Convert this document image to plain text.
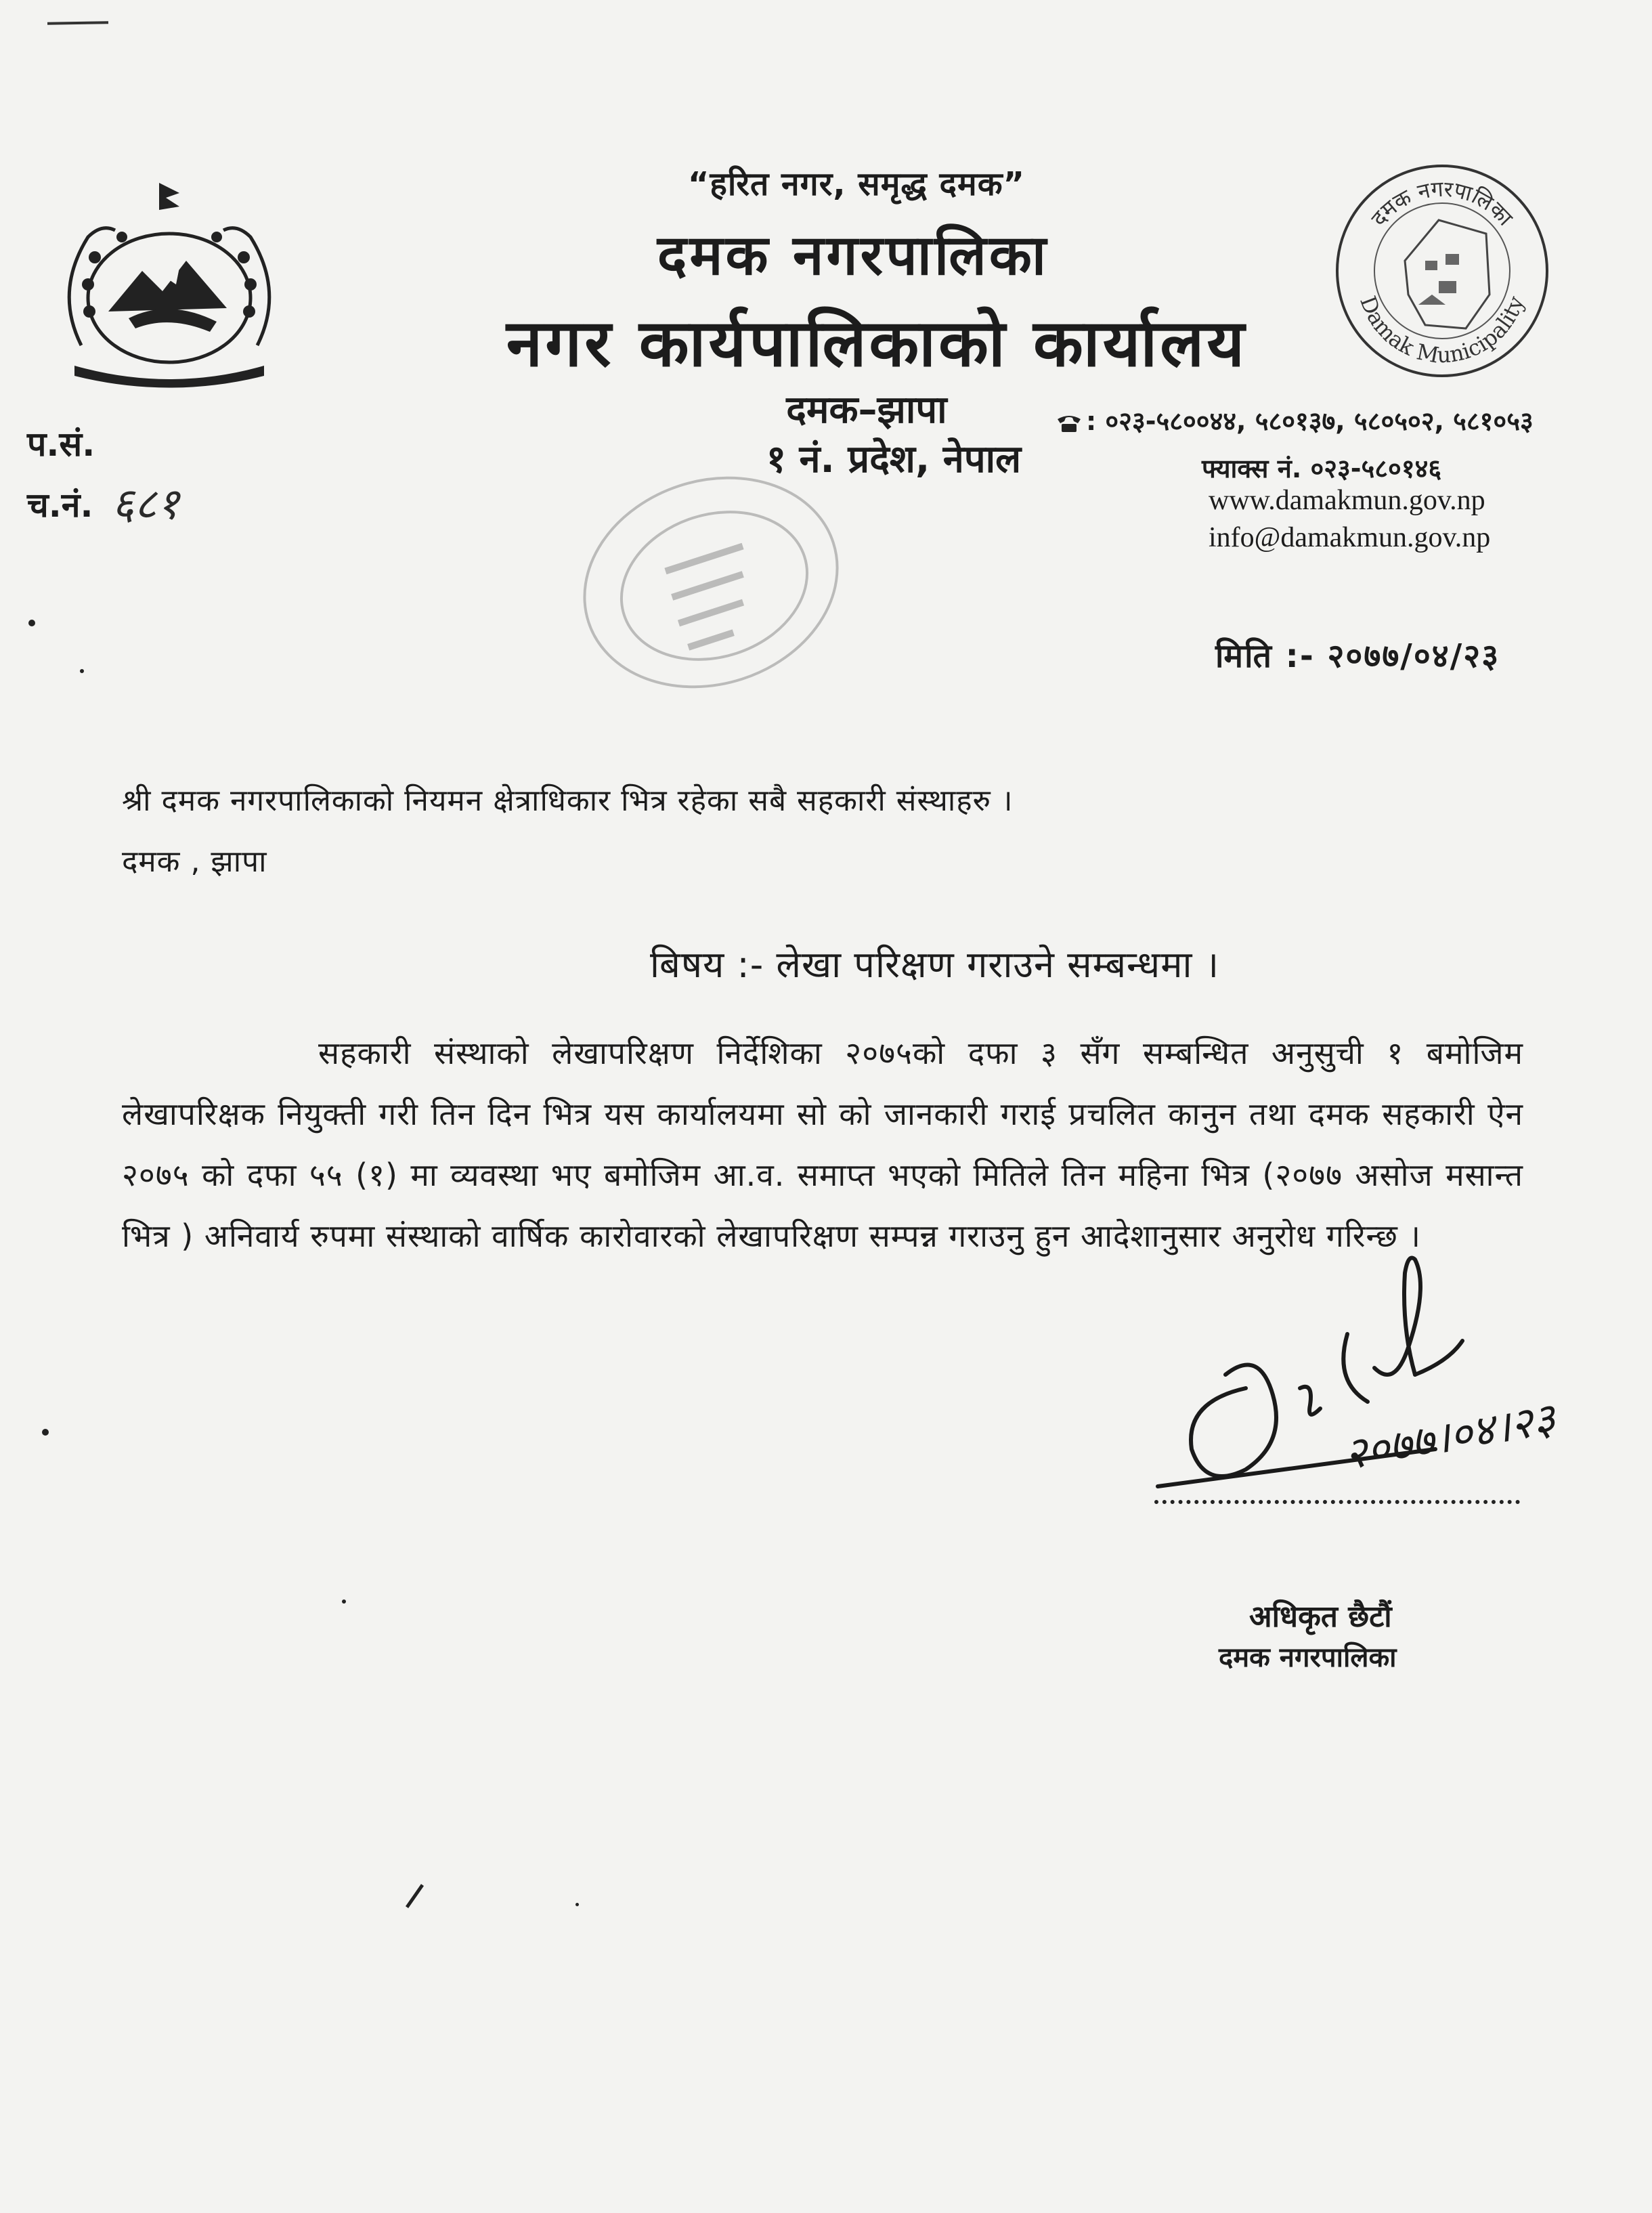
“हरित नगर, समृद्ध दमक”
दमक नगरपालिका
नगर कार्यपालिकाको कार्यालय
दमक–झापा
१ नं. प्रदेश, नेपाल
दमक नगरपालिका
Damak Municipality
प.सं.
च.नं. ६८१
: ०२३-५८००४४, ५८०१३७, ५८०५०२, ५८१०५३
फ्याक्स नं. ०२३-५८०१४६
www.damakmun.gov.np
info@damakmun.gov.np
मिति :- २०७७/०४/२३
श्री दमक नगरपालिकाको नियमन क्षेत्राधिकार भित्र रहेका सबै सहकारी संस्थाहरु ।
दमक , झापा
बिषय :- लेखा परिक्षण गराउने सम्बन्धमा ।
सहकारी संस्थाको लेखापरिक्षण निर्देशिका २०७५को दफा ३ सँग सम्बन्धित अनुसुची १ बमोजिम लेखापरिक्षक नियुक्ती गरी तिन दिन भित्र यस कार्यालयमा सो को जानकारी गराई प्रचलित कानुन तथा दमक सहकारी ऐन २०७५ को दफा ५५ (१) मा व्यवस्था भए बमोजिम आ.व. समाप्त भएको मितिले तिन महिना भित्र (२०७७ असोज मसान्त भित्र ) अनिवार्य रुपमा संस्थाको वार्षिक कारोवारको लेखापरिक्षण सम्पन्न गराउनु हुन आदेशानुसार अनुरोध गरिन्छ ।
२०७७।०४।२३
अधिकृत छैटौं
दमक नगरपालिका
